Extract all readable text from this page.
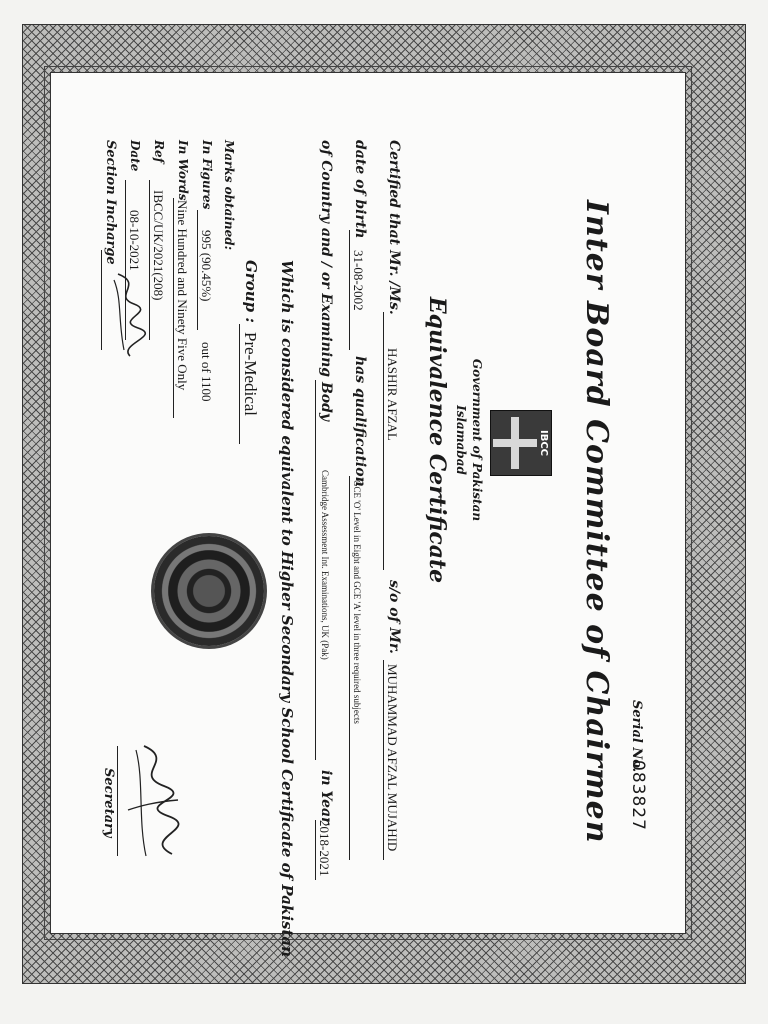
Serial No.
083827
Inter Board Committee of Chairmen
IBCC
Government of Pakistan
Islamabad
Equivalence Certificate
Certified that Mr. /Ms.
HASHIR AFZAL
s/o of Mr.
MUHAMMAD AFZAL MUJAHID
date of birth
31-08-2002
has qualification
GCE 'O' Level in Eight and GCE 'A' level in three required subjects
of Country and / or Examining Body
Cambridge Assessment Int. Examinations, UK (Pak)
in Year
2018-2021
Which is considered equivalent to Higher Secondary School Certificate of Pakistan
Group :
Pre-Medical
Marks obtained:
In Figures
995 (90.45%)
out of 1100
In Words
Nine Hundred and Ninety Five Only
Ref
IBCC/UK/2021(208)
Date
08-10-2021
Section Incharge
Secretary
